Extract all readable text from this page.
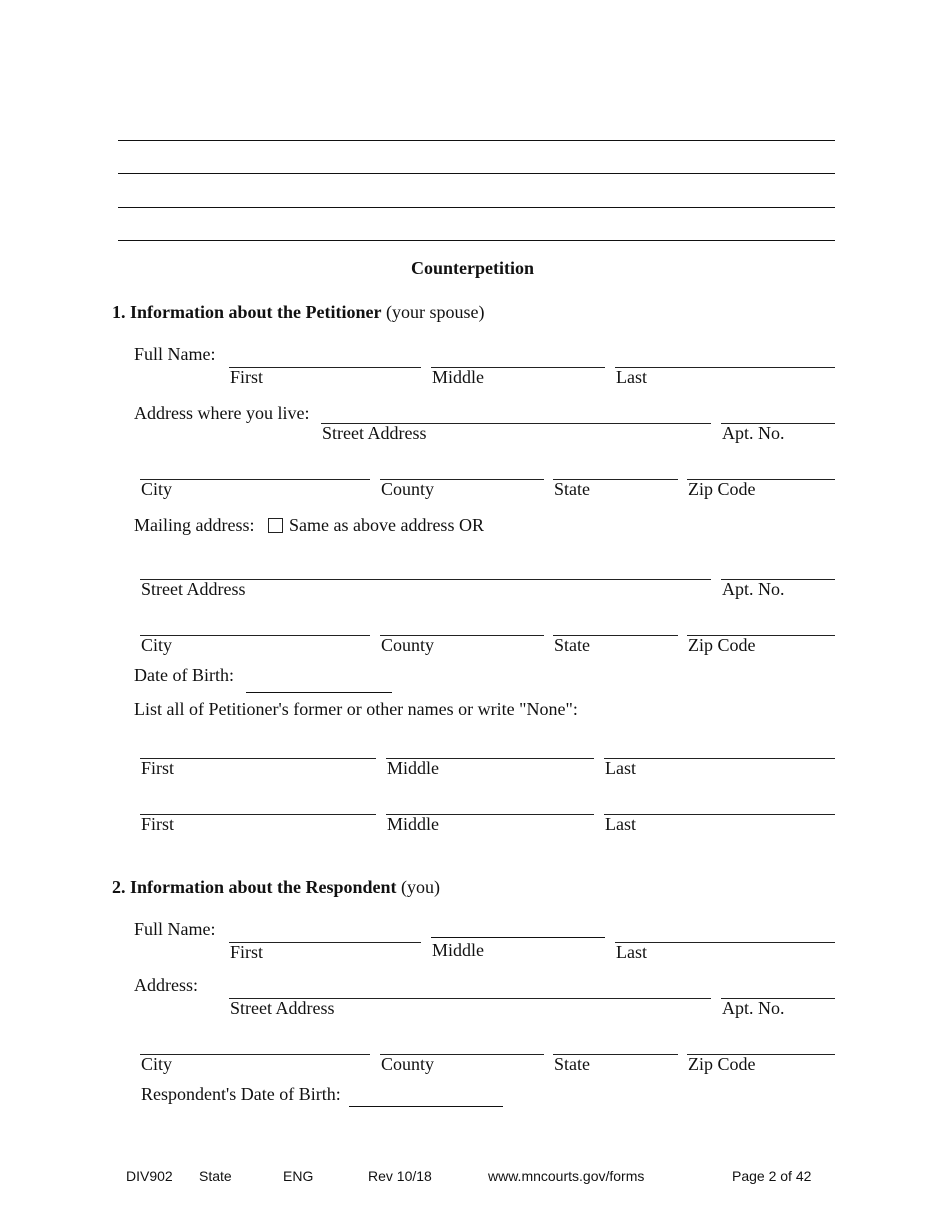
Counterpetition
1. Information about the Petitioner (your spouse)
Full Name:
First	Middle	Last
Address where you live:
Street Address	Apt. No.
City	County	State	Zip Code
Mailing address: Same as above address OR
Street Address	Apt. No.
City	County	State	Zip Code
Date of Birth:
List all of Petitioner's former or other names or write "None":
First	Middle	Last
First	Middle	Last
2. Information about the Respondent (you)
Full Name:
First	Middle	Last
Address:
Street Address	Apt. No.
City	County	State	Zip Code
Respondent's Date of Birth:
DIV902 State	ENG	Rev 10/18	www.mncourts.gov/forms	Page 2 of 42
